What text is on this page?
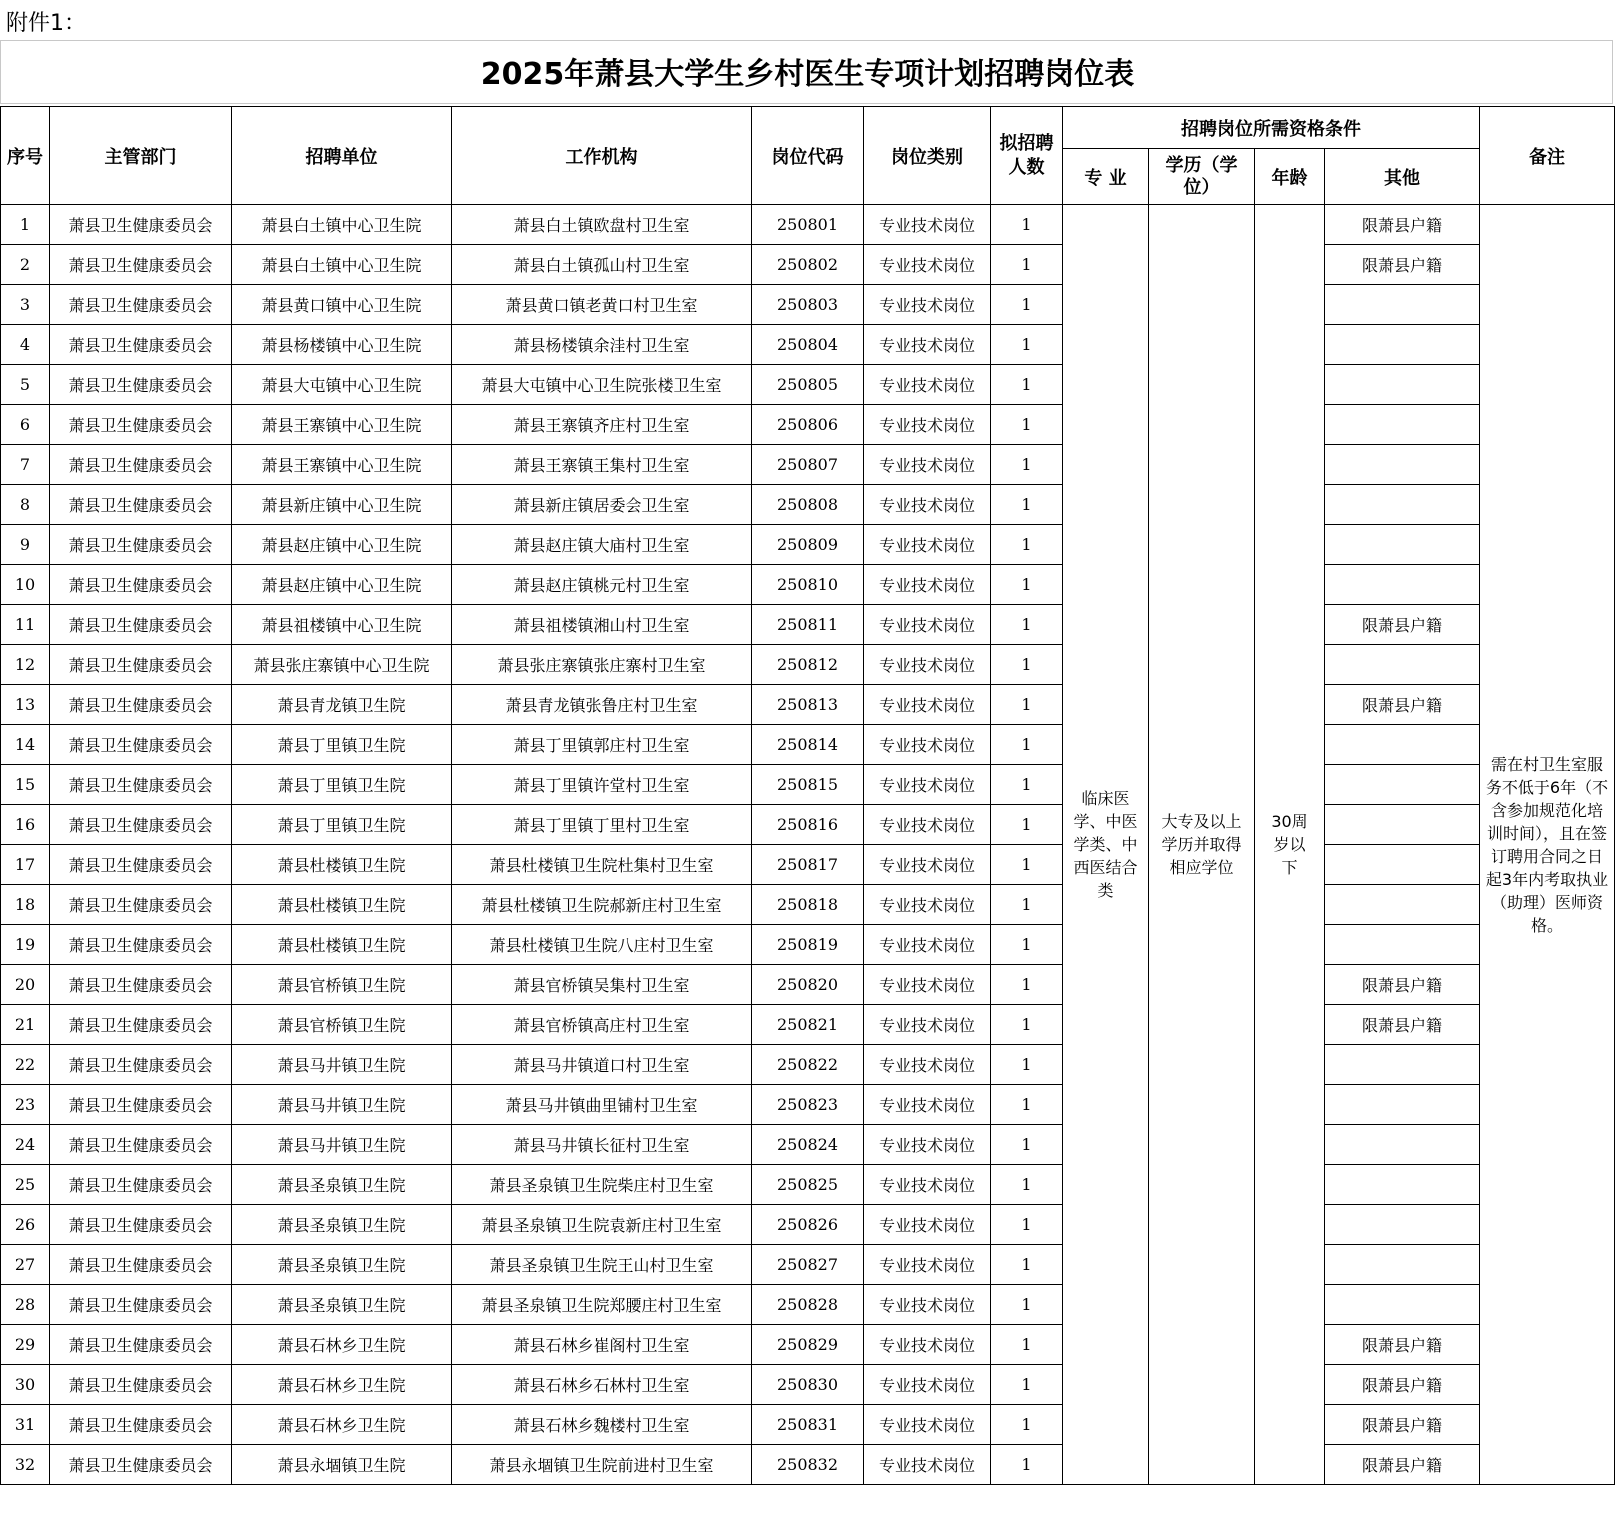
附件1：
2025年萧县大学生乡村医生专项计划招聘岗位表
序号	主管部门	招聘单位	工作机构	岗位代码	岗位类别	拟招聘人数	招聘岗位所需资格条件				备注
							专 业	学历（学位）	年龄	其他	
1	萧县卫生健康委员会	萧县白土镇中心卫生院	萧县白土镇欧盘村卫生室	250801	专业技术岗位	1	临床医学、中医学类、中西医结合类	大专及以上学历并取得相应学位	30周岁以下	限萧县户籍	需在村卫生室服务不低于6年（不含参加规范化培训时间），且在签订聘用合同之日起3年内考取执业（助理）医师资格。
2	萧县卫生健康委员会	萧县白土镇中心卫生院	萧县白土镇孤山村卫生室	250802	专业技术岗位	1				限萧县户籍	
3	萧县卫生健康委员会	萧县黄口镇中心卫生院	萧县黄口镇老黄口村卫生室	250803	专业技术岗位	1					
4	萧县卫生健康委员会	萧县杨楼镇中心卫生院	萧县杨楼镇余洼村卫生室	250804	专业技术岗位	1					
5	萧县卫生健康委员会	萧县大屯镇中心卫生院	萧县大屯镇中心卫生院张楼卫生室	250805	专业技术岗位	1					
6	萧县卫生健康委员会	萧县王寨镇中心卫生院	萧县王寨镇齐庄村卫生室	250806	专业技术岗位	1					
7	萧县卫生健康委员会	萧县王寨镇中心卫生院	萧县王寨镇王集村卫生室	250807	专业技术岗位	1					
8	萧县卫生健康委员会	萧县新庄镇中心卫生院	萧县新庄镇居委会卫生室	250808	专业技术岗位	1					
9	萧县卫生健康委员会	萧县赵庄镇中心卫生院	萧县赵庄镇大庙村卫生室	250809	专业技术岗位	1					
10	萧县卫生健康委员会	萧县赵庄镇中心卫生院	萧县赵庄镇桃元村卫生室	250810	专业技术岗位	1					
11	萧县卫生健康委员会	萧县祖楼镇中心卫生院	萧县祖楼镇湘山村卫生室	250811	专业技术岗位	1				限萧县户籍	
12	萧县卫生健康委员会	萧县张庄寨镇中心卫生院	萧县张庄寨镇张庄寨村卫生室	250812	专业技术岗位	1					
13	萧县卫生健康委员会	萧县青龙镇卫生院	萧县青龙镇张鲁庄村卫生室	250813	专业技术岗位	1				限萧县户籍	
14	萧县卫生健康委员会	萧县丁里镇卫生院	萧县丁里镇郭庄村卫生室	250814	专业技术岗位	1					
15	萧县卫生健康委员会	萧县丁里镇卫生院	萧县丁里镇许堂村卫生室	250815	专业技术岗位	1					
16	萧县卫生健康委员会	萧县丁里镇卫生院	萧县丁里镇丁里村卫生室	250816	专业技术岗位	1					
17	萧县卫生健康委员会	萧县杜楼镇卫生院	萧县杜楼镇卫生院杜集村卫生室	250817	专业技术岗位	1					
18	萧县卫生健康委员会	萧县杜楼镇卫生院	萧县杜楼镇卫生院郝新庄村卫生室	250818	专业技术岗位	1					
19	萧县卫生健康委员会	萧县杜楼镇卫生院	萧县杜楼镇卫生院八庄村卫生室	250819	专业技术岗位	1					
20	萧县卫生健康委员会	萧县官桥镇卫生院	萧县官桥镇吴集村卫生室	250820	专业技术岗位	1				限萧县户籍	
21	萧县卫生健康委员会	萧县官桥镇卫生院	萧县官桥镇高庄村卫生室	250821	专业技术岗位	1				限萧县户籍	
22	萧县卫生健康委员会	萧县马井镇卫生院	萧县马井镇道口村卫生室	250822	专业技术岗位	1					
23	萧县卫生健康委员会	萧县马井镇卫生院	萧县马井镇曲里铺村卫生室	250823	专业技术岗位	1					
24	萧县卫生健康委员会	萧县马井镇卫生院	萧县马井镇长征村卫生室	250824	专业技术岗位	1					
25	萧县卫生健康委员会	萧县圣泉镇卫生院	萧县圣泉镇卫生院柴庄村卫生室	250825	专业技术岗位	1					
26	萧县卫生健康委员会	萧县圣泉镇卫生院	萧县圣泉镇卫生院袁新庄村卫生室	250826	专业技术岗位	1					
27	萧县卫生健康委员会	萧县圣泉镇卫生院	萧县圣泉镇卫生院王山村卫生室	250827	专业技术岗位	1					
28	萧县卫生健康委员会	萧县圣泉镇卫生院	萧县圣泉镇卫生院郑腰庄村卫生室	250828	专业技术岗位	1					
29	萧县卫生健康委员会	萧县石林乡卫生院	萧县石林乡崔阁村卫生室	250829	专业技术岗位	1				限萧县户籍	
30	萧县卫生健康委员会	萧县石林乡卫生院	萧县石林乡石林村卫生室	250830	专业技术岗位	1				限萧县户籍	
31	萧县卫生健康委员会	萧县石林乡卫生院	萧县石林乡魏楼村卫生室	250831	专业技术岗位	1				限萧县户籍	
32	萧县卫生健康委员会	萧县永堌镇卫生院	萧县永堌镇卫生院前进村卫生室	250832	专业技术岗位	1				限萧县户籍	
